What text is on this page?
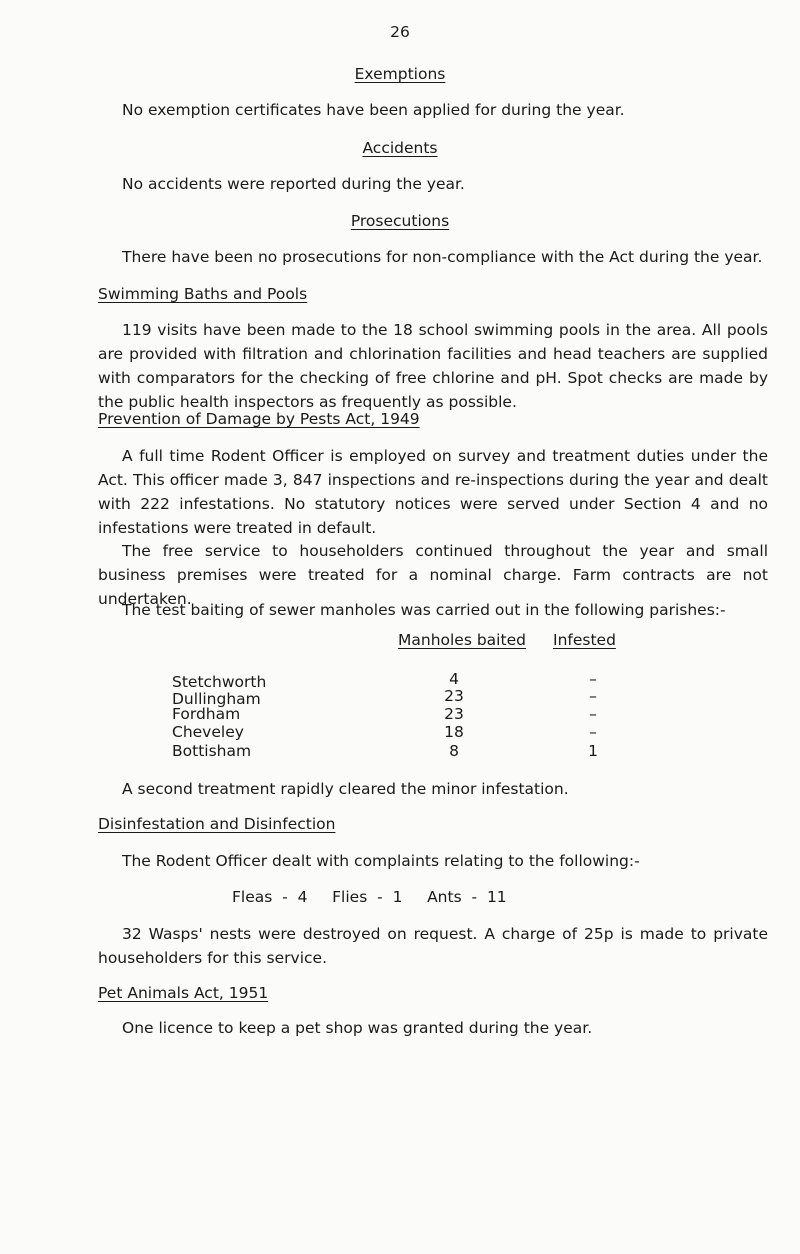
26
Exemptions
No exemption certificates have been applied for during the year.
Accidents
No accidents were reported during the year.
Prosecutions
There have been no prosecutions for non-compliance with the Act during the year.
Swimming Baths and Pools
119 visits have been made to the 18 school swimming pools in the area. All pools are provided with filtration and chlorination facilities and head teachers are supplied with comparators for the checking of free chlorine and pH. Spot checks are made by the public health inspectors as frequently as possible.
Prevention of Damage by Pests Act, 1949
A full time Rodent Officer is employed on survey and treatment duties under the Act. This officer made 3, 847 inspections and re-inspections during the year and dealt with 222 infestations. No statutory notices were served under Section 4 and no infestations were treated in default.
The free service to householders continued throughout the year and small business premises were treated for a nominal charge. Farm contracts are not undertaken.
The test baiting of sewer manholes was carried out in the following parishes:-
Manholes baited Infested
Stetchworth	4	–
Dullingham	23	–
Fordham	23	–
Cheveley	18	–
Bottisham	8	1
A second treatment rapidly cleared the minor infestation.
Disinfestation and Disinfection
The Rodent Officer dealt with complaints relating to the following:-
Fleas  -  4     Flies  -  1     Ants  -  11
32 Wasps' nests were destroyed on request. A charge of 25p is made to private householders for this service.
Pet Animals Act, 1951
One licence to keep a pet shop was granted during the year.
